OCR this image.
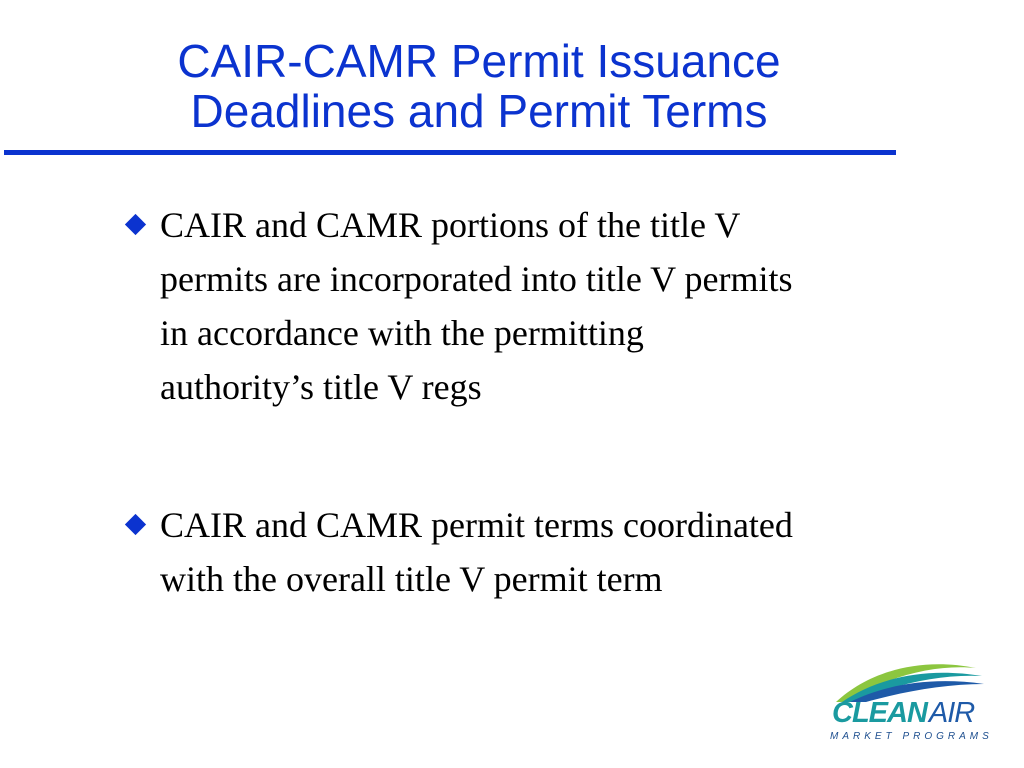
CAIR-CAMR Permit Issuance
Deadlines and Permit Terms
CAIR and CAMR portions of the title V
permits are incorporated into title V permits
in accordance with the permitting
authority’s title V regs
CAIR and CAMR permit terms coordinated
with the overall title V permit term
CLEANAIR
MARKET PROGRAMS
